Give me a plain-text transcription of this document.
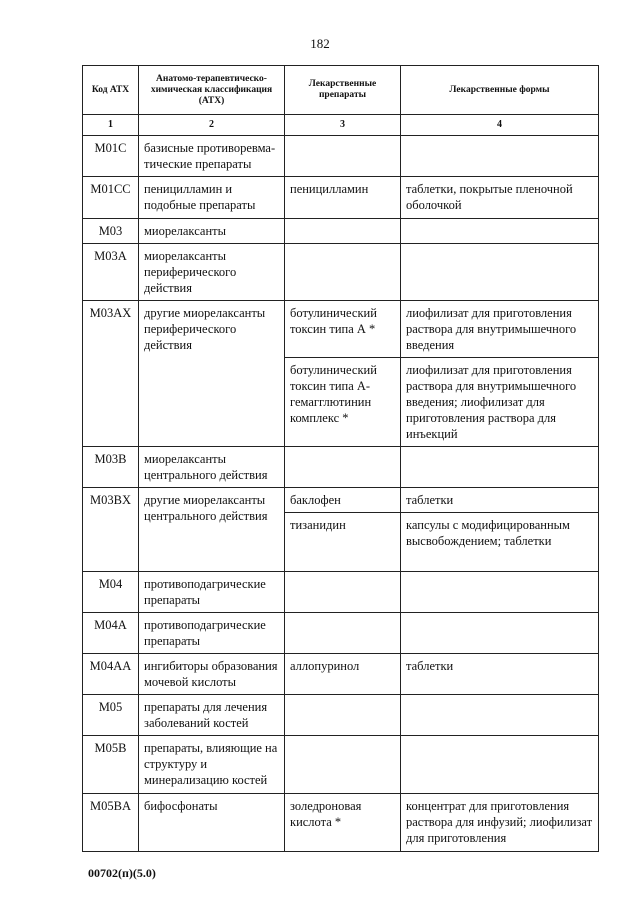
182
Код АТХ	Анатомо-терапевтическо-химическая классификация (АТХ)	Лекарственные препараты	Лекарственные формы
1	2	3	4
M01C	базисные противоревма-тические препараты		
M01CC	пеницилламин и подобные препараты	пеницилламин	таблетки, покрытые пленочной оболочкой
M03	миорелаксанты		
M03A	миорелаксанты периферического действия		
M03AX	другие миорелаксанты периферического действия	ботулинический токсин типа А *	лиофилизат для приготовления раствора для внутримышечного введения
		ботулинический токсин типа А-гемагглютинин комплекс *	лиофилизат для приготовления раствора для внутримышечного введения; лиофилизат для приготовления раствора для инъекций
M03B	миорелаксанты центрального действия		
M03BX	другие миорелаксанты центрального действия	баклофен	таблетки
		тизанидин	капсулы с модифицированным высвобождением; таблетки
M04	противоподагрические препараты		
M04A	противоподагрические препараты		
M04AA	ингибиторы образования мочевой кислоты	аллопуринол	таблетки
M05	препараты для лечения заболеваний костей		
M05B	препараты, влияющие на структуру и минерализацию костей		
M05BA	бифосфонаты	золедроновая кислота *	концентрат для приготовления раствора для инфузий; лиофилизат для приготовления
00702(п)(5.0)
